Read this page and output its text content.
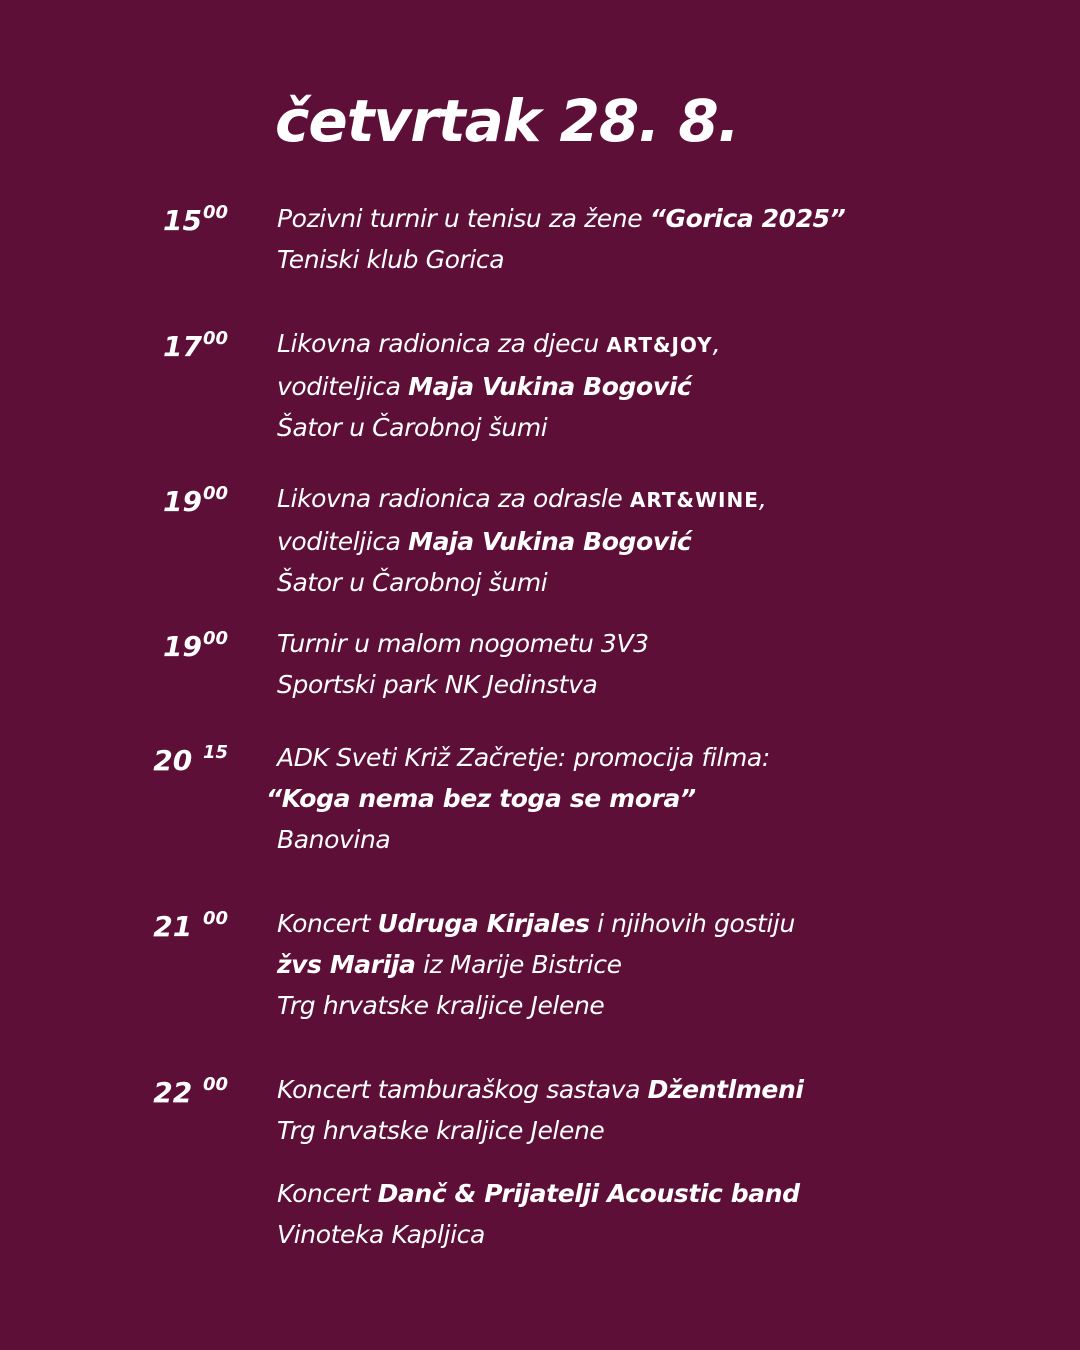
četvrtak 28. 8.
$15^{00}$ Pozivni turnir u tenisu za žene “Gorica 2025”
Teniski klub Gorica
$17^{00}$ Likovna radionica za djecu ART&JOY,
voditeljica Maja Vukina Bogović
Šator u Čarobnoj šumi
$19^{00}$ Likovna radionica za odrasle ART&WINE,
voditeljica Maja Vukina Bogović
Šator u Čarobnoj šumi
$19^{00}$ Turnir u malom nogometu 3V3
Sportski park NK Jedinstva
20 $^{15}$ ADK Sveti Križ Začretje: promocija filma:
“Koga nema bez toga se mora”
Banovina
21 $^{00}$ Koncert Udruga Kirjales i njihovih gostiju
žvs Marija iz Marije Bistrice
Trg hrvatske kraljice Jelene
22 $^{00}$ Koncert tamburaškog sastava Džentlmeni
Trg hrvatske kraljice Jelene
Koncert Danč & Prijatelji Acoustic band
Vinoteka Kapljica
